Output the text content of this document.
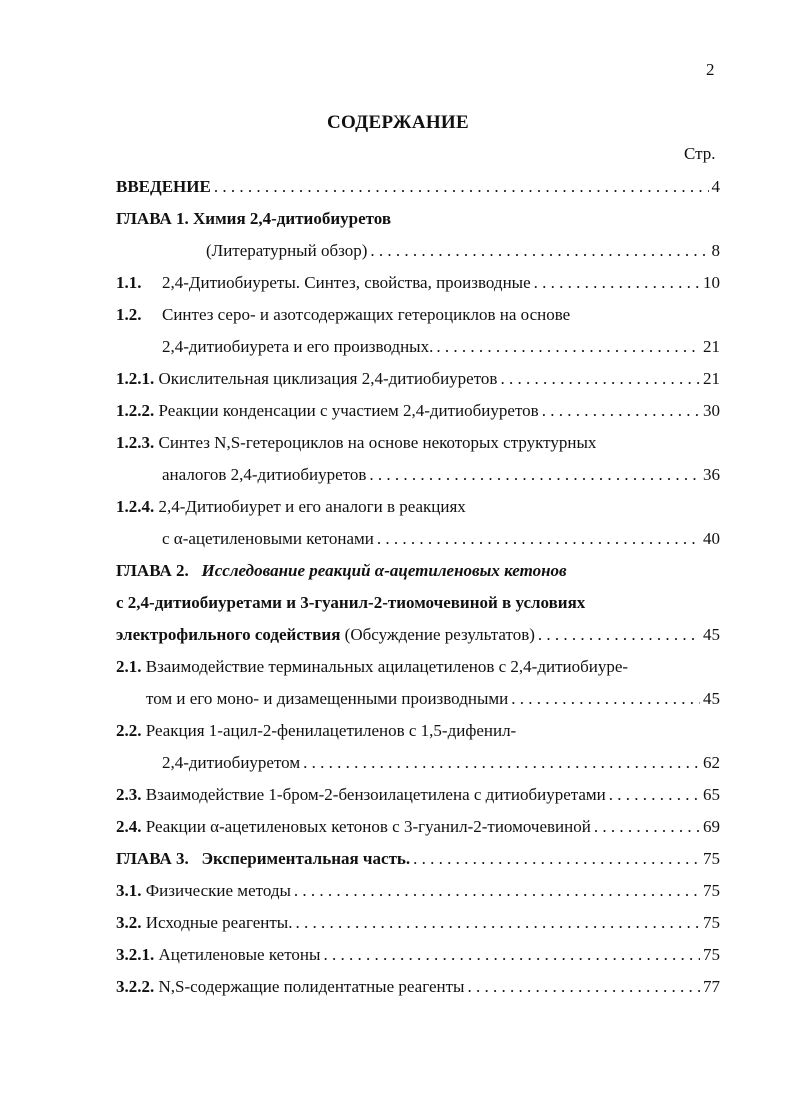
2
СОДЕРЖАНИЕ
Стр.
ВВЕДЕНИЕ . . .	4
ГЛАВА 1.
Химия 2,4-дитиобиуретов
(Литературный обзор) . . .	8
1.1.	2,4-Дитиобиуреты. Синтез, свойства, производные . . .	10
1.2.	Синтез серо- и азотсодержащих гетероциклов на основе
2,4-дитиобиурета и его производных. . . .	21
1.2.1.
Окислительная циклизация 2,4-дитиобиуретов . . .	21
1.2.2.
Реакции конденсации с участием 2,4-дитиобиуретов . . .	30
1.2.3.
Синтез N,S-гетероциклов на основе некоторых структурных
аналогов 2,4-дитиобиуретов . . .	36
1.2.4.
2,4-Дитиобиурет и его аналоги в реакциях
с α-ацетиленовыми кетонами . . .	40
ГЛАВА 2.
Исследование реакций α-ацетиленовых кетонов
с 2,4-дитиобиуретами и 3-гуанил-2-тиомочевиной в условиях
электрофильного содействия
(Обсуждение результатов) . . .	45
2.1.
Взаимодействие терминальных ацилацетиленов с 2,4-дитиобиуре-
том и его моно- и дизамещенными производными . . .	45
2.2.
Реакция 1-ацил-2-фенилацетиленов с 1,5-дифенил-
2,4-дитиобиуретом . . .	62
2.3.
Взаимодействие 1-бром-2-бензоилацетилена с дитиобиуретами . . .	65
2.4.
Реакции α-ацетиленовых кетонов с 3-гуанил-2-тиомочевиной . . .	69
ГЛАВА 3.
Экспериментальная часть. . . .	75
3.1.
Физические методы . . .	75
3.2.
Исходные реагенты. . . .	75
3.2.1.
Ацетиленовые кетоны . . .	75
3.2.2.
N,S-содержащие полидентатные реагенты . . .	77
